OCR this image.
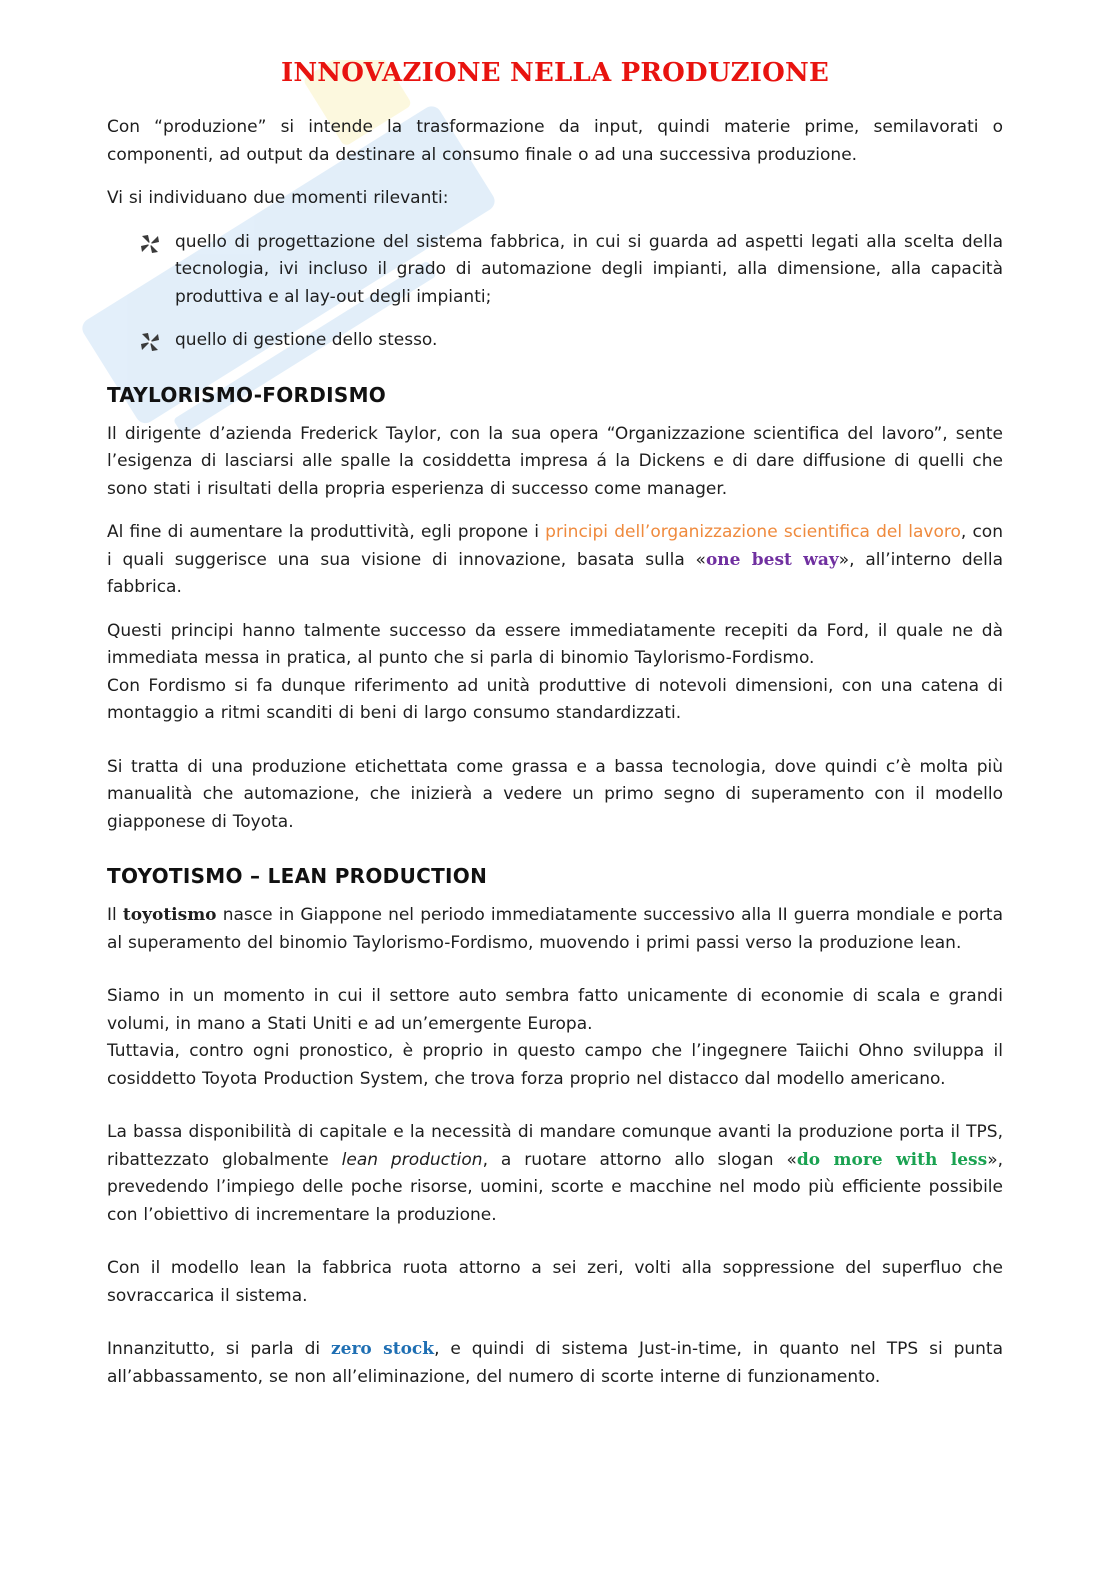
INNOVAZIONE NELLA PRODUZIONE

Con “produzione” si intende la trasformazione da input, quindi materie prime, semilavorati o componenti, ad output da destinare al consumo finale o ad una successiva produzione.

Vi si individuano due momenti rilevanti:

quello di progettazione del sistema fabbrica, in cui si guarda ad aspetti legati alla scelta della tecnologia, ivi incluso il grado di automazione degli impianti, alla dimensione, alla capacità produttiva e al lay-out degli impianti;
quello di gestione dello stesso.
TAYLORISMO-FORDISMO

Il dirigente d’azienda Frederick Taylor, con la sua opera “Organizzazione scientifica del lavoro”, sente l’esigenza di lasciarsi alle spalle la cosiddetta impresa á la Dickens e di dare diffusione di quelli che sono stati i risultati della propria esperienza di successo come manager.

Al fine di aumentare la produttività, egli propone i principi dell’organizzazione scientifica del lavoro, con i quali suggerisce una sua visione di innovazione, basata sulla «one best way», all’interno della fabbrica.

Questi principi hanno talmente successo da essere immediatamente recepiti da Ford, il quale ne dà immediata messa in pratica, al punto che si parla di binomio Taylorismo-Fordismo.

Con Fordismo si fa dunque riferimento ad unità produttive di notevoli dimensioni, con una catena di montaggio a ritmi scanditi di beni di largo consumo standardizzati.

Si tratta di una produzione etichettata come grassa e a bassa tecnologia, dove quindi c’è molta più manualità che automazione, che inizierà a vedere un primo segno di superamento con il modello giapponese di Toyota.

TOYOTISMO – LEAN PRODUCTION

Il toyotismo nasce in Giappone nel periodo immediatamente successivo alla II guerra mondiale e porta al superamento del binomio Taylorismo-Fordismo, muovendo i primi passi verso la produzione lean.

Siamo in un momento in cui il settore auto sembra fatto unicamente di economie di scala e grandi volumi, in mano a Stati Uniti e ad un’emergente Europa.

Tuttavia, contro ogni pronostico, è proprio in questo campo che l’ingegnere Taiichi Ohno sviluppa il cosiddetto Toyota Production System, che trova forza proprio nel distacco dal modello americano.

La bassa disponibilità di capitale e la necessità di mandare comunque avanti la produzione porta il TPS, ribattezzato globalmente lean production, a ruotare attorno allo slogan «do more with less», prevedendo l’impiego delle poche risorse, uomini, scorte e macchine nel modo più efficiente possibile con l’obiettivo di incrementare la produzione.

Con il modello lean la fabbrica ruota attorno a sei zeri, volti alla soppressione del superfluo che sovraccarica il sistema.

Innanzitutto, si parla di zero stock, e quindi di sistema Just-in-time, in quanto nel TPS si punta all’abbassamento, se non all’eliminazione, del numero di scorte interne di funzionamento.
